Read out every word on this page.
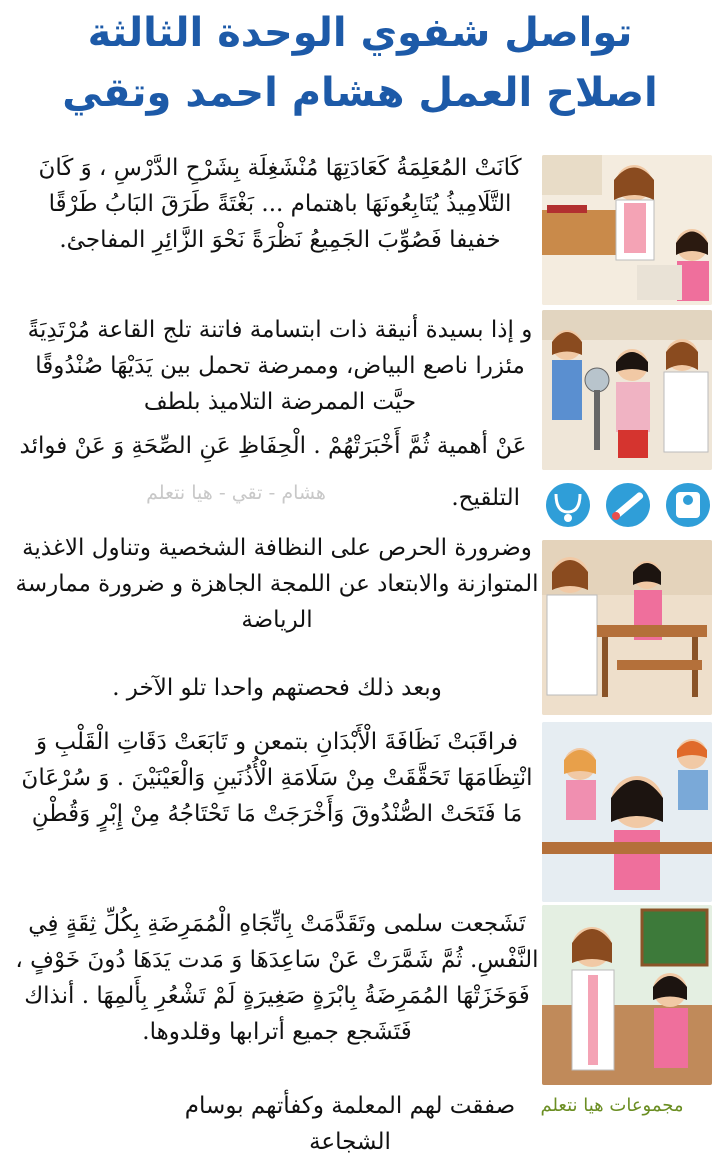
تواصل شفوي الوحدة الثالثة
اصلاح العمل هشام احمد وتقي
كَانَتْ المُعَلِمَةُ كَعَادَتِهَا مُنْشَغِلَة بِشَرْحِ الدَّرْسِ ، وَ كَانَ التَّلَامِيذُ يُتَابِعُونَهَا باهتمام ... بَغْتَةً طَرَقَ البَابُ طَرْقًا خفيفا فَصُوِّبَ الجَمِيعُ نَظْرَةً نَحْوَ الزَّائِرِ المفاجئ.
و إذا بسيدة أنيقة ذات ابتسامة فاتنة تلج القاعة مُرْتَدِيَةً مئزرا ناصع البياض، وممرضة تحمل بين يَدَيْهَا صُنْدُوقًا حيَّت الممرضة التلاميذ بلطف
عَنْ أهمية ثُمَّ أَخْبَرَتْهُمْ . الْحِفَاظِ عَنِ الصِّحَةِ وَ عَنْ فوائد
التلقيح.
هشام - تقي - هيا نتعلم
وضرورة الحرص على النظافة الشخصية وتناول الاغذية المتوازنة والابتعاد عن اللمجة الجاهزة و ضرورة ممارسة الرياضة
وبعد ذلك فحصتهم واحدا تلو الآخر .
فراقَبَتْ نَظَافَةَ الْأَبْدَانِ بتمعن و تَابَعَتْ دَقَاتِ الْقَلْبِ وَ انْتِظَامَهَا تَحَقَّقَتْ مِنْ سَلَامَةِ الْأُذُنَينِ وَالْعَيْنَيْنَ . وَ سُرْعَانَ مَا فَتَحَتْ الصُّنْدُوقَ وَأَخْرَجَتْ مَا تَحْتَاجُهُ مِنْ إِبْرٍ وَقُطْنِ
تَشَجعت سلمى وتَقَدَّمَتْ بِاتِّجَاهِ الْمُمَرِضَةِ بِكُلِّ ثِقَةٍ فِي النَّفْسِ. ثُمَّ شَمَّرَتْ عَنْ سَاعِدَهَا وَ مَدت يَدَهَا دُونَ خَوْفٍ ، فَوَخَزَتْهَا المُمَرِضَةُ بِابْرَةٍ صَغِيرَةٍ لَمْ تَشْعُرِ بِأَلمِهَا . أنذاك فَتَشَجع جميع أترابها وقلدوها.
صفقت لهم المعلمة وكفأتهم بوسام الشجاعة
مجموعات هيا نتعلم
